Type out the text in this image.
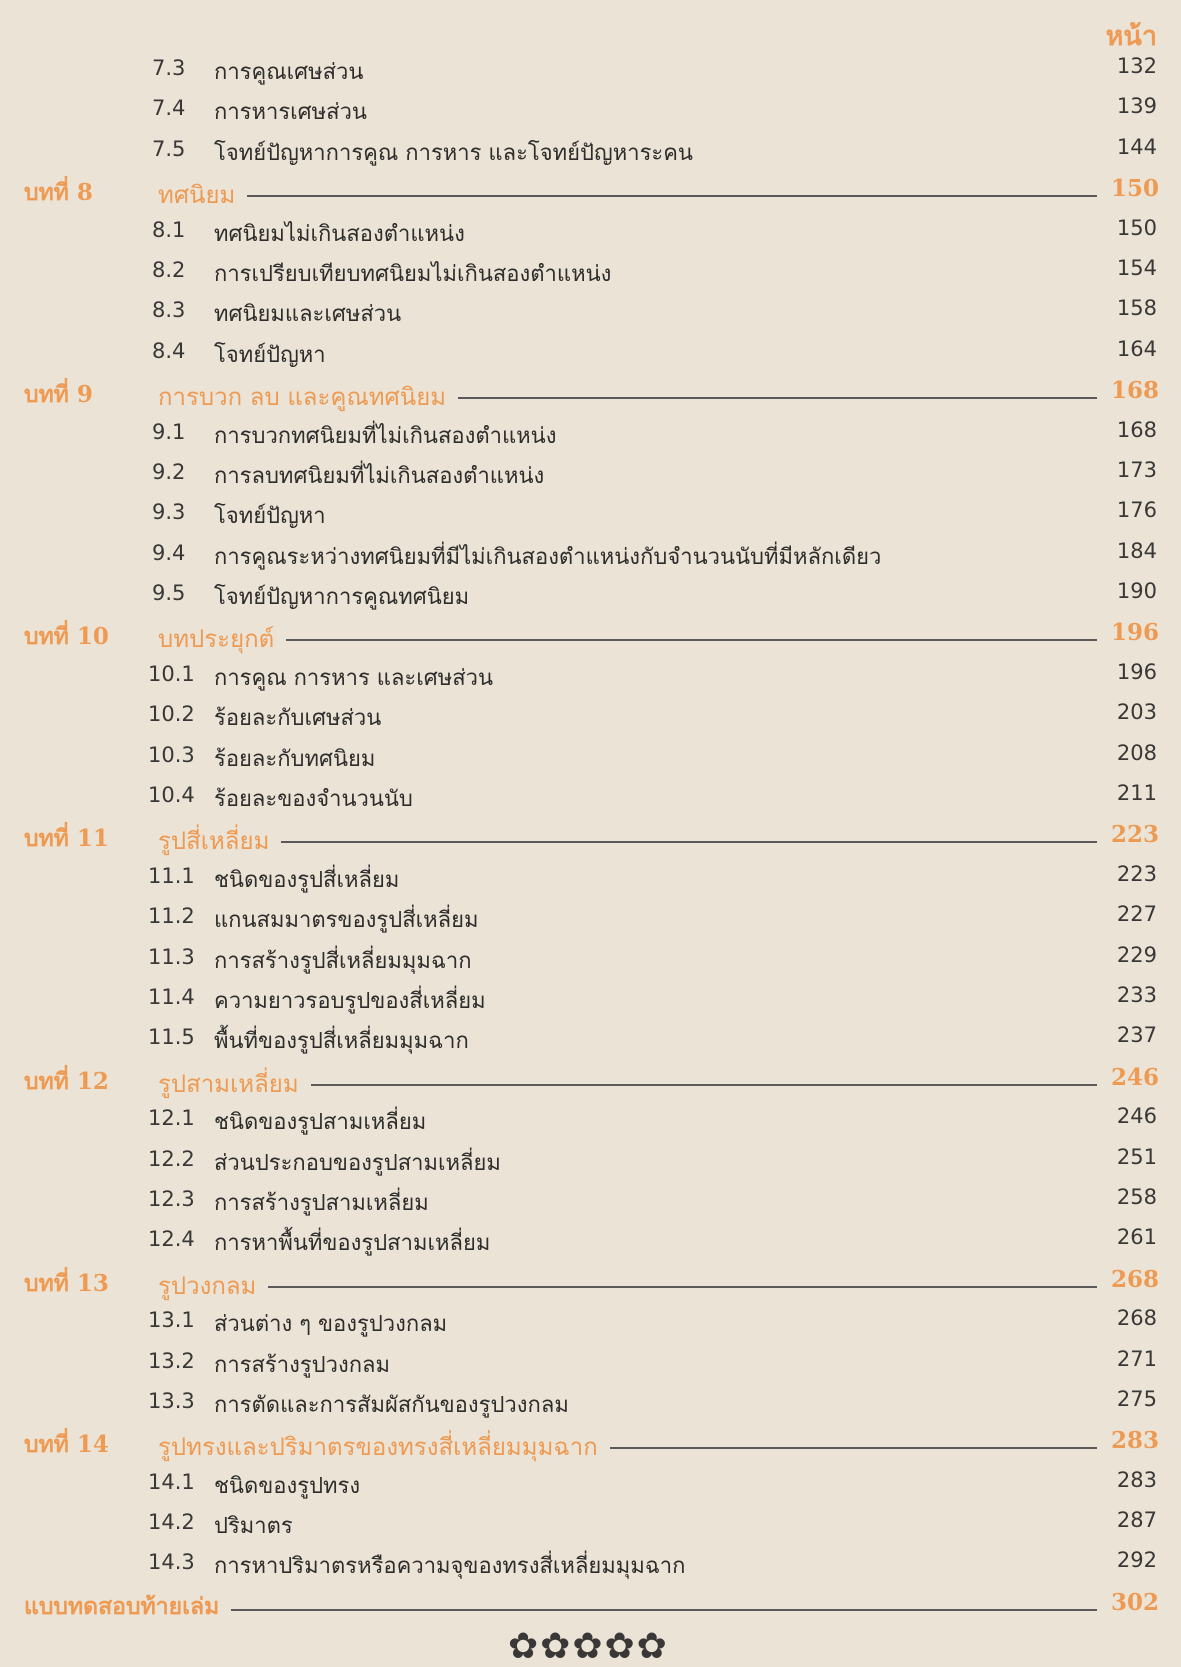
หน้า
7.3 การคูณเศษส่วน	132
7.4 การหารเศษส่วน	139
7.5 โจทย์ปัญหาการคูณ การหาร และโจทย์ปัญหาระคน	144
บทที่ 8	ทศนิยม	150
8.1 ทศนิยมไม่เกินสองตำแหน่ง	150
8.2 การเปรียบเทียบทศนิยมไม่เกินสองตำแหน่ง	154
8.3 ทศนิยมและเศษส่วน	158
8.4 โจทย์ปัญหา	164
บทที่ 9	การบวก ลบ และคูณทศนิยม	168
9.1 การบวกทศนิยมที่ไม่เกินสองตำแหน่ง	168
9.2 การลบทศนิยมที่ไม่เกินสองตำแหน่ง	173
9.3 โจทย์ปัญหา	176
9.4 การคูณระหว่างทศนิยมที่มีไม่เกินสองตำแหน่งกับจำนวนนับที่มีหลักเดียว	184
9.5 โจทย์ปัญหาการคูณทศนิยม	190
บทที่ 10 บทประยุกต์	196
10.1 การคูณ การหาร และเศษส่วน	196
10.2 ร้อยละกับเศษส่วน	203
10.3 ร้อยละกับทศนิยม	208
10.4 ร้อยละของจำนวนนับ	211
บทที่ 11 รูปสี่เหลี่ยม	223
11.1 ชนิดของรูปสี่เหลี่ยม	223
11.2 แกนสมมาตรของรูปสี่เหลี่ยม	227
11.3 การสร้างรูปสี่เหลี่ยมมุมฉาก	229
11.4 ความยาวรอบรูปของสี่เหลี่ยม	233
11.5 พื้นที่ของรูปสี่เหลี่ยมมุมฉาก	237
บทที่ 12 รูปสามเหลี่ยม	246
12.1 ชนิดของรูปสามเหลี่ยม	246
12.2 ส่วนประกอบของรูปสามเหลี่ยม	251
12.3 การสร้างรูปสามเหลี่ยม	258
12.4 การหาพื้นที่ของรูปสามเหลี่ยม	261
บทที่ 13 รูปวงกลม	268
13.1 ส่วนต่าง ๆ ของรูปวงกลม	268
13.2 การสร้างรูปวงกลม	271
13.3 การตัดและการสัมผัสกันของรูปวงกลม	275
บทที่ 14 รูปทรงและปริมาตรของทรงสี่เหลี่ยมมุมฉาก	283
14.1 ชนิดของรูปทรง	283
14.2 ปริมาตร	287
14.3 การหาปริมาตรหรือความจุของทรงสี่เหลี่ยมมุมฉาก	292
แบบทดสอบท้ายเล่ม	302
✿✿✿✿✿
